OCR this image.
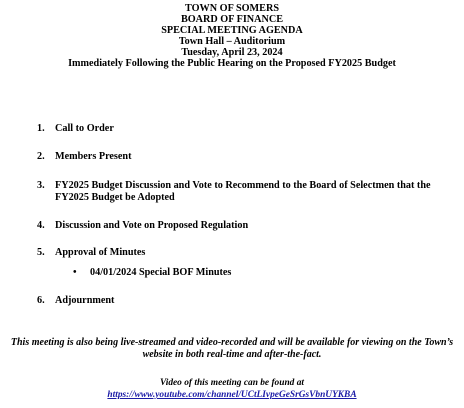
TOWN OF SOMERS
BOARD OF FINANCE
SPECIAL MEETING AGENDA
Town Hall – Auditorium
Tuesday, April 23, 2024
Immediately Following the Public Hearing on the Proposed FY2025 Budget
1. Call to Order
2. Members Present
3. FY2025 Budget Discussion and Vote to Recommend to the Board of Selectmen that the FY2025 Budget be Adopted
4. Discussion and Vote on Proposed Regulation
5. Approval of Minutes
• 04/01/2024 Special BOF Minutes
6. Adjournment
This meeting is also being live-streamed and video-recorded and will be available for viewing on the Town’s website in both real-time and after-the-fact.
Video of this meeting can be found at
https://www.youtube.com/channel/UCtLIvpeGeSrGsVbnUYKBA
